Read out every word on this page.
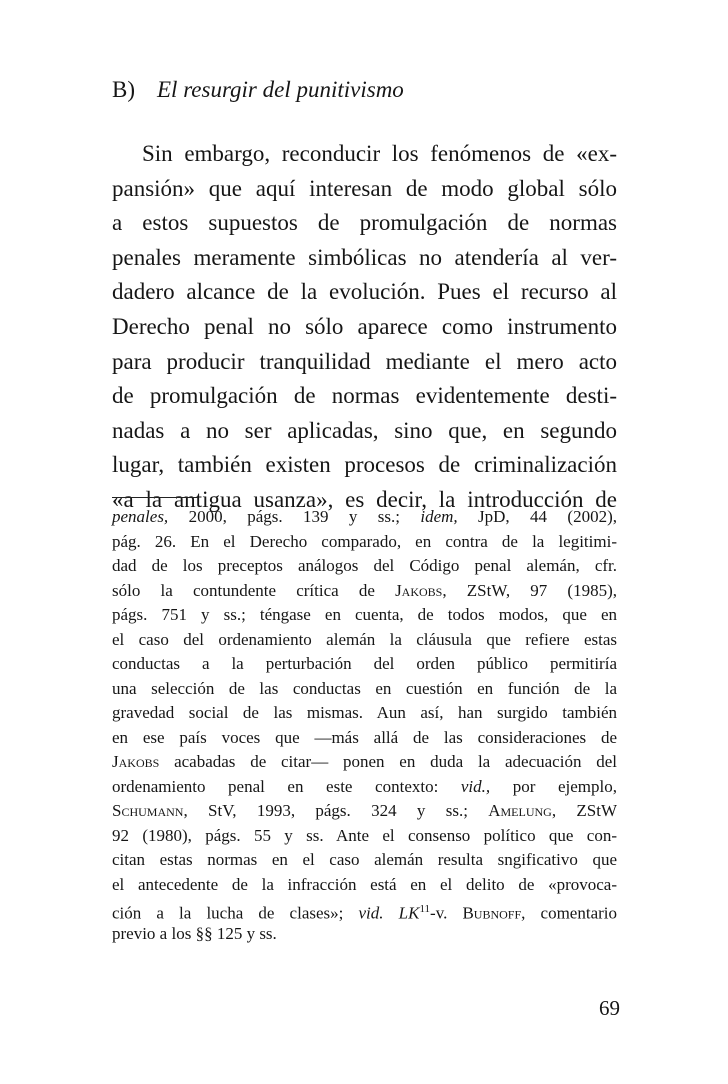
B) El resurgir del punitivismo
Sin embargo, reconducir los fenómenos de «ex-
pansión» que aquí interesan de modo global sólo
a estos supuestos de promulgación de normas
penales meramente simbólicas no atendería al ver-
dadero alcance de la evolución. Pues el recurso al
Derecho penal no sólo aparece como instrumento
para producir tranquilidad mediante el mero acto
de promulgación de normas evidentemente desti-
nadas a no ser aplicadas, sino que, en segundo
lugar, también existen procesos de criminalización
«a la antigua usanza», es decir, la introducción de
penales, 2000, págs. 139 y ss.; idem, JpD, 44 (2002),
pág. 26. En el Derecho comparado, en contra de la legitimi-
dad de los preceptos análogos del Código penal alemán, cfr.
sólo la contundente crítica de Jakobs, ZStW, 97 (1985),
págs. 751 y ss.; téngase en cuenta, de todos modos, que en
el caso del ordenamiento alemán la cláusula que refiere estas
conductas a la perturbación del orden público permitiría
una selección de las conductas en cuestión en función de la
gravedad social de las mismas. Aun así, han surgido también
en ese país voces que —más allá de las consideraciones de
Jakobs acabadas de citar— ponen en duda la adecuación del
ordenamiento penal en este contexto: vid., por ejemplo,
Schumann, StV, 1993, págs. 324 y ss.; Amelung, ZStW
92 (1980), págs. 55 y ss. Ante el consenso político que con-
citan estas normas en el caso alemán resulta sngificativo que
el antecedente de la infracción está en el delito de «provoca-
ción a la lucha de clases»; vid. LK$^{11}$-v. Bubnoff, comentario
previo a los §§ 125 y ss.
69
